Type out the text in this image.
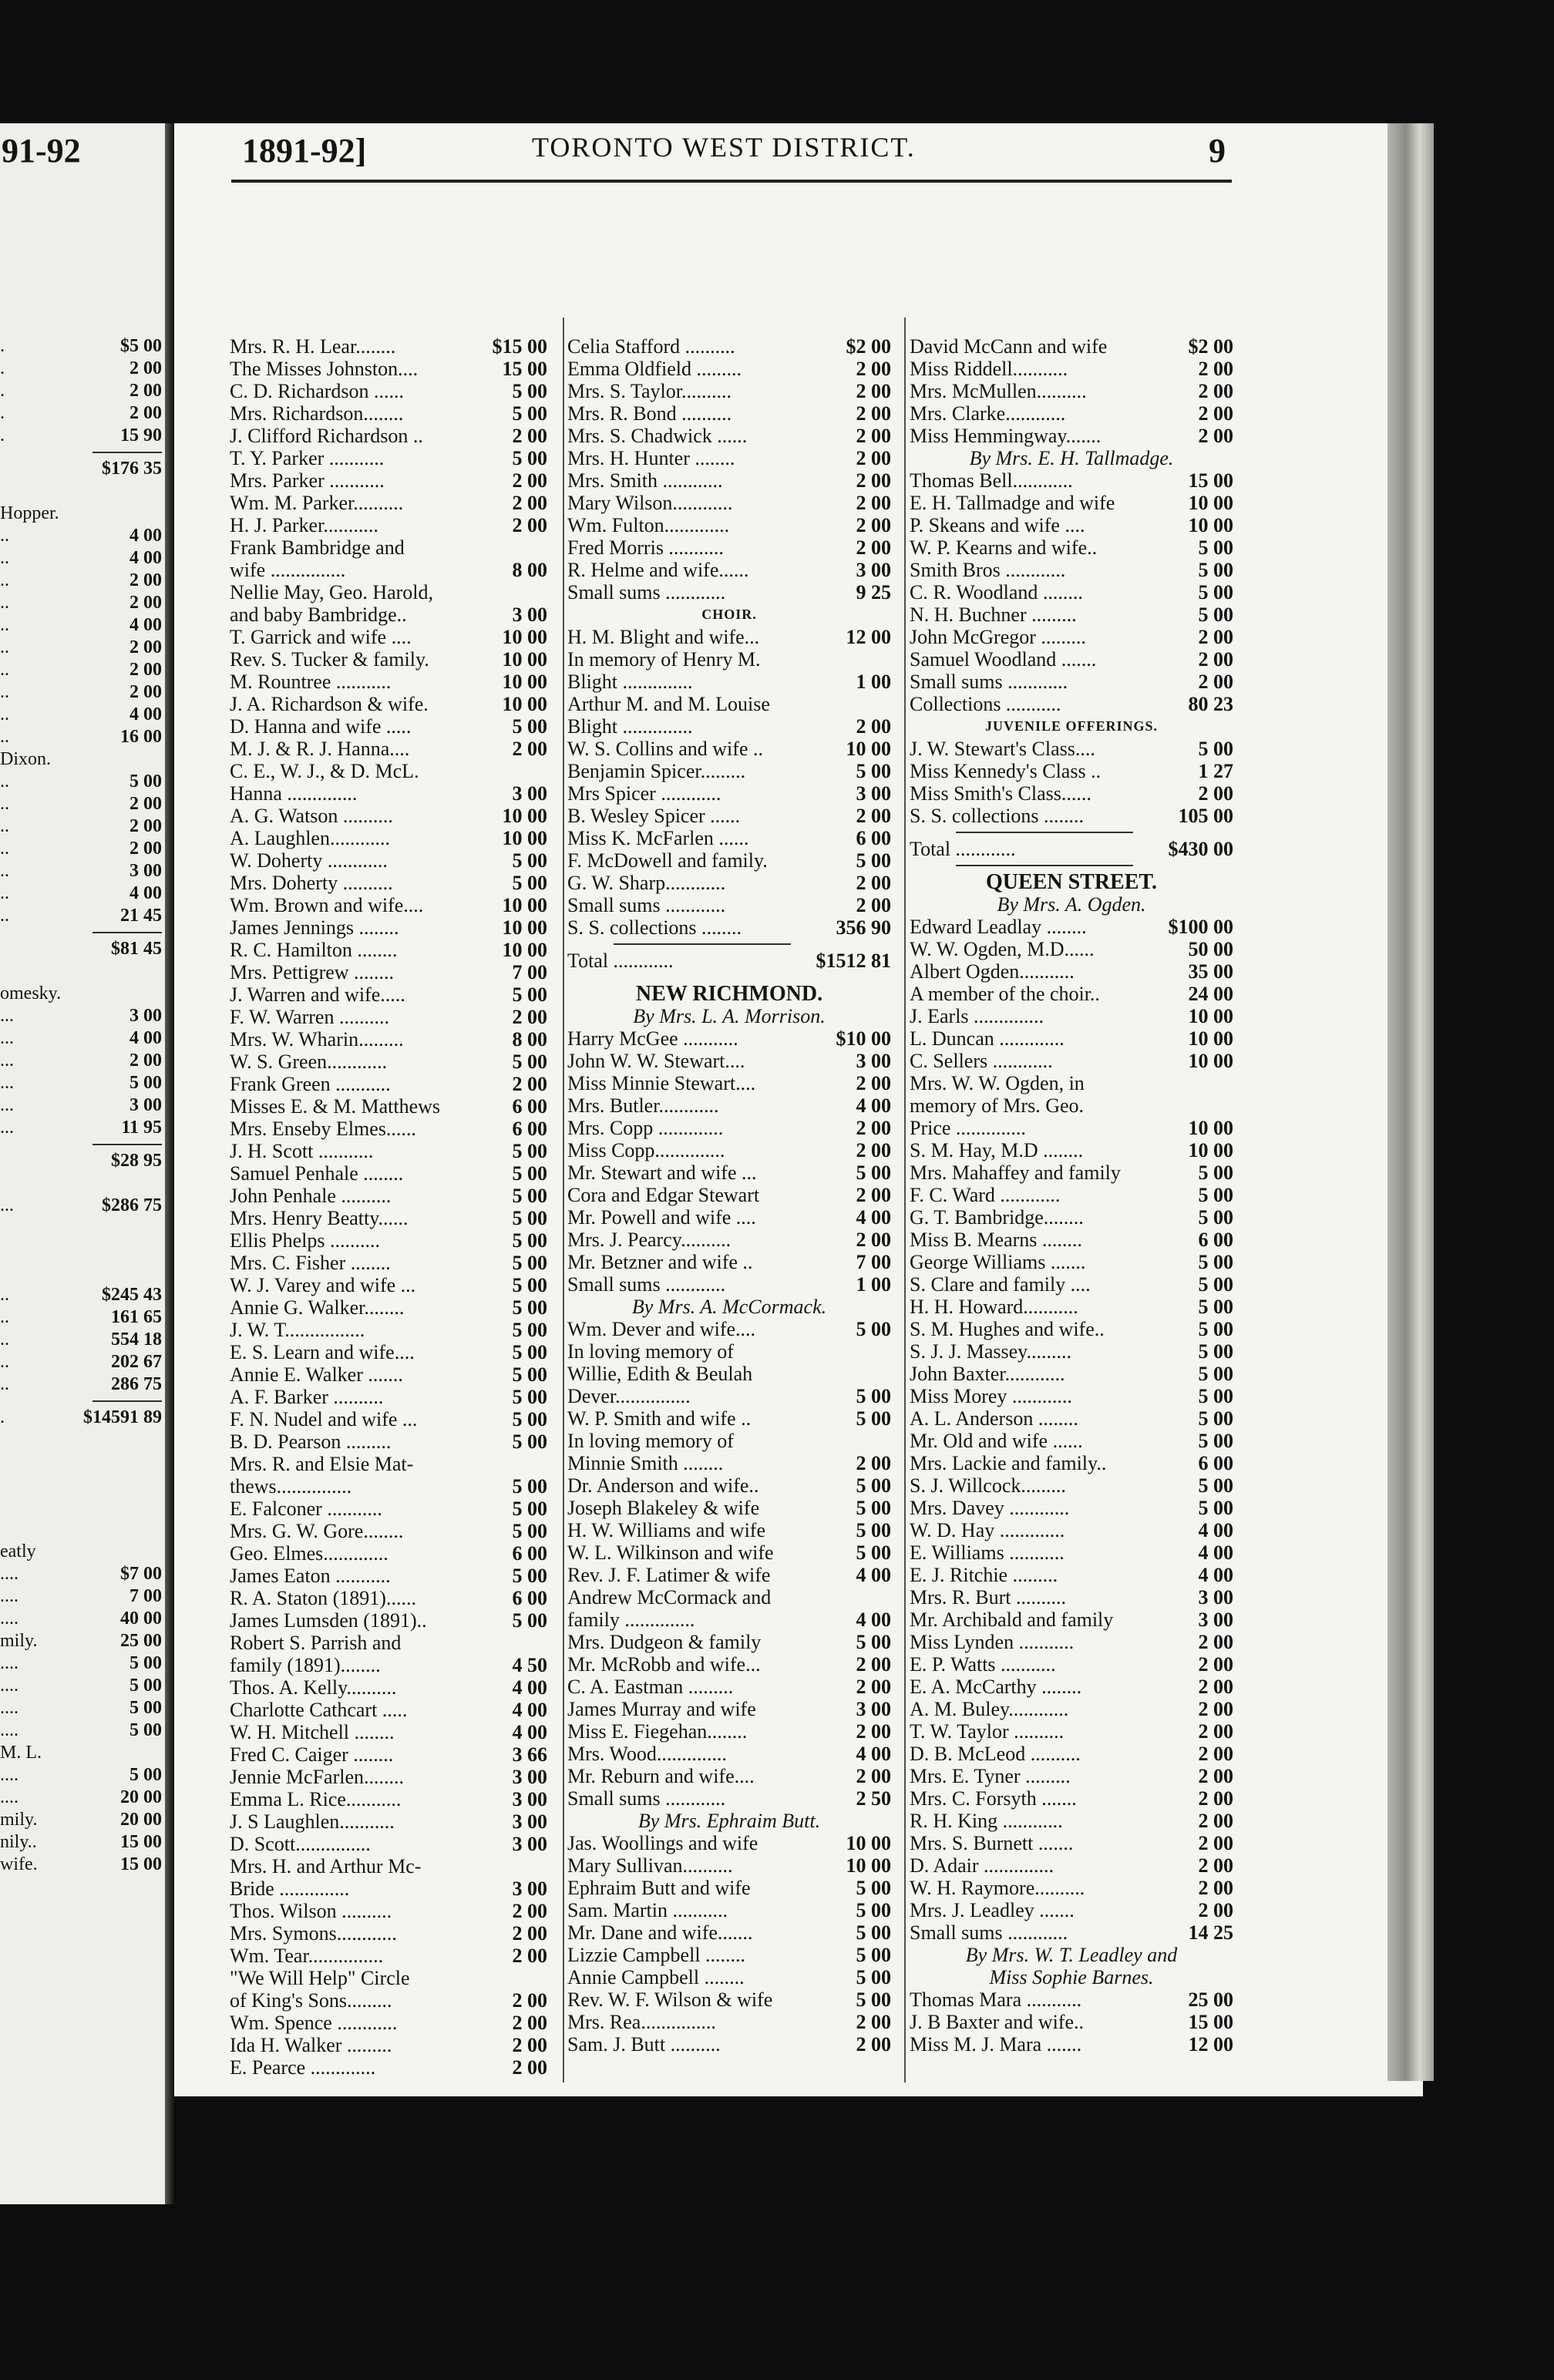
91-92
.	$5 00
.	2 00
.	2 00
.	2 00
.	15 90
$176 35
Hopper.
..	4 00
..	4 00
..	2 00
..	2 00
..	4 00
..	2 00
..	2 00
..	2 00
..	4 00
..	16 00
Dixon.
..	5 00
..	2 00
..	2 00
..	2 00
..	3 00
..	4 00
..	21 45
$81 45
omesky.
...	3 00
...	4 00
...	2 00
...	5 00
...	3 00
...	11 95
$28 95
...	$286 75
..	$245 43
..	161 65
..	554 18
..	202 67
..	286 75
.	$14591 89
eatly
....	$7 00
....	7 00
....	40 00
mily.	25 00
....	5 00
....	5 00
....	5 00
....	5 00
M. L.
....	5 00
....	20 00
mily.	20 00
nily..	15 00
wife.	15 00
1891-92]	TORONTO WEST DISTRICT.	9
Mrs. R. H. Lear........	$15 00
The Misses Johnston....	15 00
C. D. Richardson ......	5 00
Mrs. Richardson........	5 00
J. Clifford Richardson ..	2 00
T. Y. Parker ...........	5 00
Mrs. Parker ...........	2 00
Wm. M. Parker..........	2 00
H. J. Parker...........	2 00
Frank Bambridge and
wife ...............	8 00
Nellie May, Geo. Harold,
and baby Bambridge..	3 00
T. Garrick and wife ....	10 00
Rev. S. Tucker & family.	10 00
M. Rountree ...........	10 00
J. A. Richardson & wife.	10 00
D. Hanna and wife .....	5 00
M. J. & R. J. Hanna....	2 00
C. E., W. J., & D. McL.
Hanna ..............	3 00
A. G. Watson ..........	10 00
A. Laughlen............	10 00
W. Doherty ............	5 00
Mrs. Doherty ..........	5 00
Wm. Brown and wife....	10 00
James Jennings ........	10 00
R. C. Hamilton ........	10 00
Mrs. Pettigrew ........	7 00
J. Warren and wife.....	5 00
F. W. Warren ..........	2 00
Mrs. W. Wharin.........	8 00
W. S. Green............	5 00
Frank Green ...........	2 00
Misses E. & M. Matthews	6 00
Mrs. Enseby Elmes......	6 00
J. H. Scott ...........	5 00
Samuel Penhale ........	5 00
John Penhale ..........	5 00
Mrs. Henry Beatty......	5 00
Ellis Phelps ..........	5 00
Mrs. C. Fisher ........	5 00
W. J. Varey and wife ...	5 00
Annie G. Walker........	5 00
J. W. T................	5 00
E. S. Learn and wife....	5 00
Annie E. Walker .......	5 00
A. F. Barker ..........	5 00
F. N. Nudel and wife ...	5 00
B. D. Pearson .........	5 00
Mrs. R. and Elsie Mat-
thews...............	5 00
E. Falconer ...........	5 00
Mrs. G. W. Gore........	5 00
Geo. Elmes.............	6 00
James Eaton ...........	5 00
R. A. Staton (1891)......	6 00
James Lumsden (1891)..	5 00
Robert S. Parrish and
family (1891)........	4 50
Thos. A. Kelly..........	4 00
Charlotte Cathcart .....	4 00
W. H. Mitchell ........	4 00
Fred C. Caiger ........	3 66
Jennie McFarlen........	3 00
Emma L. Rice...........	3 00
J. S Laughlen...........	3 00
D. Scott...............	3 00
Mrs. H. and Arthur Mc-
Bride ..............	3 00
Thos. Wilson ..........	2 00
Mrs. Symons............	2 00
Wm. Tear...............	2 00
"We Will Help" Circle
of King's Sons.........	2 00
Wm. Spence ............	2 00
Ida H. Walker .........	2 00
E. Pearce .............	2 00
Celia Stafford ..........	$2 00
Emma Oldfield .........	2 00
Mrs. S. Taylor..........	2 00
Mrs. R. Bond ..........	2 00
Mrs. S. Chadwick ......	2 00
Mrs. H. Hunter ........	2 00
Mrs. Smith ............	2 00
Mary Wilson............	2 00
Wm. Fulton.............	2 00
Fred Morris ...........	2 00
R. Helme and wife......	3 00
Small sums ............	9 25
CHOIR.
H. M. Blight and wife...	12 00
In memory of Henry M.
Blight ..............	1 00
Arthur M. and M. Louise
Blight ..............	2 00
W. S. Collins and wife ..	10 00
Benjamin Spicer.........	5 00
Mrs Spicer ............	3 00
B. Wesley Spicer ......	2 00
Miss K. McFarlen ......	6 00
F. McDowell and family.	5 00
G. W. Sharp............	2 00
Small sums ............	2 00
S. S. collections ........	356 90
Total ............	$1512 81
NEW RICHMOND.
By Mrs. L. A. Morrison.
Harry McGee ...........	$10 00
John W. W. Stewart....	3 00
Miss Minnie Stewart....	2 00
Mrs. Butler............	4 00
Mrs. Copp .............	2 00
Miss Copp..............	2 00
Mr. Stewart and wife ...	5 00
Cora and Edgar Stewart	2 00
Mr. Powell and wife ....	4 00
Mrs. J. Pearcy..........	2 00
Mr. Betzner and wife ..	7 00
Small sums ............	1 00
By Mrs. A. McCormack.
Wm. Dever and wife....	5 00
In loving memory of
Willie, Edith & Beulah
Dever...............	5 00
W. P. Smith and wife ..	5 00
In loving memory of
Minnie Smith ........	2 00
Dr. Anderson and wife..	5 00
Joseph Blakeley & wife	5 00
H. W. Williams and wife	5 00
W. L. Wilkinson and wife	5 00
Rev. J. F. Latimer & wife	4 00
Andrew McCormack and
family ..............	4 00
Mrs. Dudgeon & family	5 00
Mr. McRobb and wife...	2 00
C. A. Eastman .........	2 00
James Murray and wife	3 00
Miss E. Fiegehan........	2 00
Mrs. Wood..............	4 00
Mr. Reburn and wife....	2 00
Small sums ............	2 50
By Mrs. Ephraim Butt.
Jas. Woollings and wife	10 00
Mary Sullivan..........	10 00
Ephraim Butt and wife	5 00
Sam. Martin ...........	5 00
Mr. Dane and wife.......	5 00
Lizzie Campbell ........	5 00
Annie Campbell ........	5 00
Rev. W. F. Wilson & wife	5 00
Mrs. Rea...............	2 00
Sam. J. Butt ..........	2 00
David McCann and wife	$2 00
Miss Riddell...........	2 00
Mrs. McMullen..........	2 00
Mrs. Clarke............	2 00
Miss Hemmingway.......	2 00
By Mrs. E. H. Tallmadge.
Thomas Bell............	15 00
E. H. Tallmadge and wife	10 00
P. Skeans and wife ....	10 00
W. P. Kearns and wife..	5 00
Smith Bros ............	5 00
C. R. Woodland ........	5 00
N. H. Buchner .........	5 00
John McGregor .........	2 00
Samuel Woodland .......	2 00
Small sums ............	2 00
Collections ...........	80 23
JUVENILE OFFERINGS.
J. W. Stewart's Class....	5 00
Miss Kennedy's Class ..	1 27
Miss Smith's Class......	2 00
S. S. collections ........	105 00
Total ............	$430 00
QUEEN STREET.
By Mrs. A. Ogden.
Edward Leadlay ........	$100 00
W. W. Ogden, M.D......	50 00
Albert Ogden...........	35 00
A member of the choir..	24 00
J. Earls ..............	10 00
L. Duncan .............	10 00
C. Sellers ............	10 00
Mrs. W. W. Ogden, in
memory of Mrs. Geo.
Price ..............	10 00
S. M. Hay, M.D ........	10 00
Mrs. Mahaffey and family	5 00
F. C. Ward ............	5 00
G. T. Bambridge........	5 00
Miss B. Mearns ........	6 00
George Williams .......	5 00
S. Clare and family ....	5 00
H. H. Howard...........	5 00
S. M. Hughes and wife..	5 00
S. J. J. Massey.........	5 00
John Baxter............	5 00
Miss Morey ............	5 00
A. L. Anderson ........	5 00
Mr. Old and wife ......	5 00
Mrs. Lackie and family..	6 00
S. J. Willcock.........	5 00
Mrs. Davey ............	5 00
W. D. Hay .............	4 00
E. Williams ...........	4 00
E. J. Ritchie .........	4 00
Mrs. R. Burt ..........	3 00
Mr. Archibald and family	3 00
Miss Lynden ...........	2 00
E. P. Watts ...........	2 00
E. A. McCarthy ........	2 00
A. M. Buley............	2 00
T. W. Taylor ..........	2 00
D. B. McLeod ..........	2 00
Mrs. E. Tyner .........	2 00
Mrs. C. Forsyth .......	2 00
R. H. King ............	2 00
Mrs. S. Burnett .......	2 00
D. Adair ..............	2 00
W. H. Raymore..........	2 00
Mrs. J. Leadley .......	2 00
Small sums ............	14 25
By Mrs. W. T. Leadley and
Miss Sophie Barnes.
Thomas Mara ...........	25 00
J. B Baxter and wife..	15 00
Miss M. J. Mara .......	12 00
